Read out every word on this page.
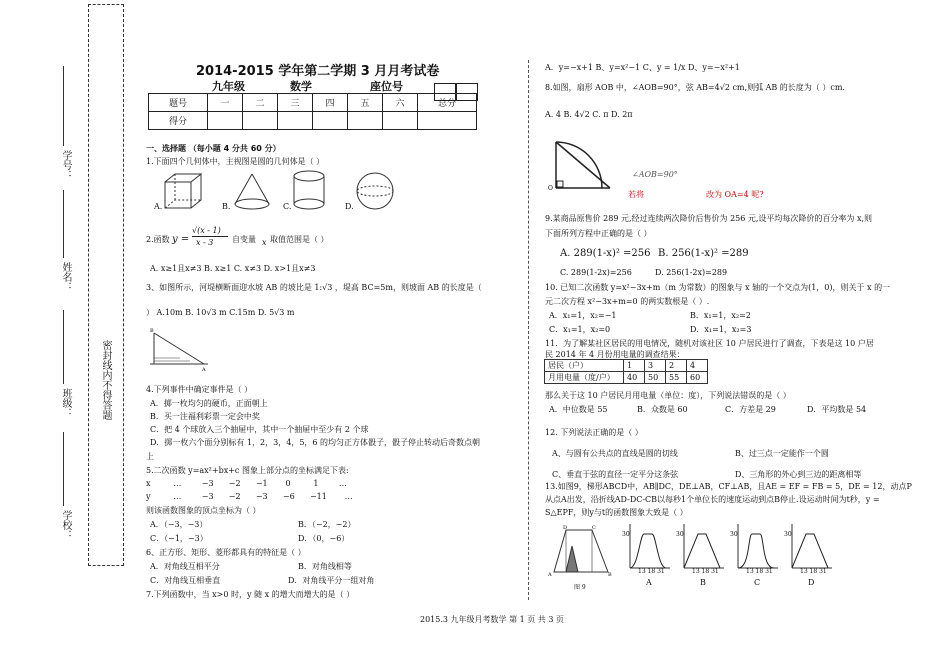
密封线内不得答题
学号：
姓名：
班级：
学校：
2014-2015 学年第二学期 3 月月考试卷
九年级	数学	座位号
题号	一	二	三	四	五	六	总分
得分							
一、选择题 （每小题 4 分共 60 分）
1.下面四个几何体中，主视图是圆的几何体是（ ）
A.	B.	C.	D.
2.函数 y =
√(x - 1)
x - 3 自变量 x 取值范围是（ ）
A. x≥1且x≠3 B. x≥1 C. x≠3 D. x>1且x≠3
3、如图所示，河堤横断面迎水坡 AB 的坡比是 1:√3 ，堤高 BC=5m，则坡面 AB 的长度是（
） A.10m B. 10√3 m C.15m D. 5√3 m
B
A
4.下列事件中确定事件是（ ）
A．掷一枚均匀的硬币，正面朝上
B．买一注福利彩票一定会中奖
C．把 4 个球放入三个抽屉中，其中一个抽屉中至少有 2 个球
D．掷一枚六个面分别标有 1，2，3，4，5，6 的均匀正方体骰子，骰子停止转动后奇数点朝
上
5.二次函数 y=ax²+bx+c 图象上部分点的坐标满足下表:
x         …        −3      −2      −1       0         1        …
y         …        −3      −2      −3      −6      −11       …
则该函数图象的顶点坐标为（ ）
A．（−3，−3）	B．（−2，−2）
C．（−1，−3）	D．（0，−6）
6、正方形、矩形、菱形都具有的特征是（ ）
A．对角线互相平分	B．对角线相等
C．对角线互相垂直	D．对角线平分一组对角
7.下列函数中，当 x>0 时，y 随 x 的增大而增大的是（ ）
A．y=−x+1 B、y=x²−1 C、y = 1/x D、y=−x²+1
8.如图，扇形 AOB 中，∠AOB=90°，弦 AB=4√2 cm,则弧 AB 的长度为（ ）cm.
A. 4 B. 4√2 C. π D. 2π
O
∠AOB=90°
若将	改为 OA=4 呢?
9.某商品原售价 289 元,经过连续两次降价后售价为 256 元,设平均每次降价的百分率为 x,则
下面所列方程中正确的是（ ）
A. 289(1-x)² =256 B. 256(1-x)² =289
C. 289(1-2x)=256	D. 256(1-2x)=289
10. 已知二次函数 y=x²−3x+m（m 为常数）的图象与 x 轴的一个交点为(1，0)，则关于 x 的一
元二次方程 x²−3x+m=0 的两实数根是（ ）.
A．x₁=1，x₂=−1	B．x₁=1，x₂=2
C．x₁=1，x₂=0	D．x₁=1，x₂=3
11．为了解某社区居民的用电情况，随机对该社区 10 户居民进行了调查，下表是这 10 户居
民 2014 年 4 月份用电量的调查结果：
居民（户）	1	3	2	4
月用电量（度/户）	40	50	55	60
那么关于这 10 户居民月用电量（单位：度），下列说法错误的是（ ）
A．中位数是 55	B．众数是 60	C．方差是 29	D．平均数是 54
12. 下列说法正确的是（ ）
A、与圆有公共点的直线是圆的切线	B、过三点一定能作一个圆
C、垂直于弦的直径一定平分这条弦	D、三角形的外心到三边的距离相等
13.如图9，梯形ABCD中，AB∥DC，DE⊥AB，CF⊥AB，且AE = EF = FB = 5，DE = 12，动点P
从点A出发，沿折线AD-DC-CB以每秒1个单位长的速度运动到点B停止.设运动时间为t秒，y =
S△EPF，则y与t的函数图象大致是（ ）
D	C
A	B
图 9
30	30	30	30
13 18 31	13 18 31	13 18 31	13 18 31
A	B	C	D
2015.3 九年级月考数学 第 1 页 共 3 页
